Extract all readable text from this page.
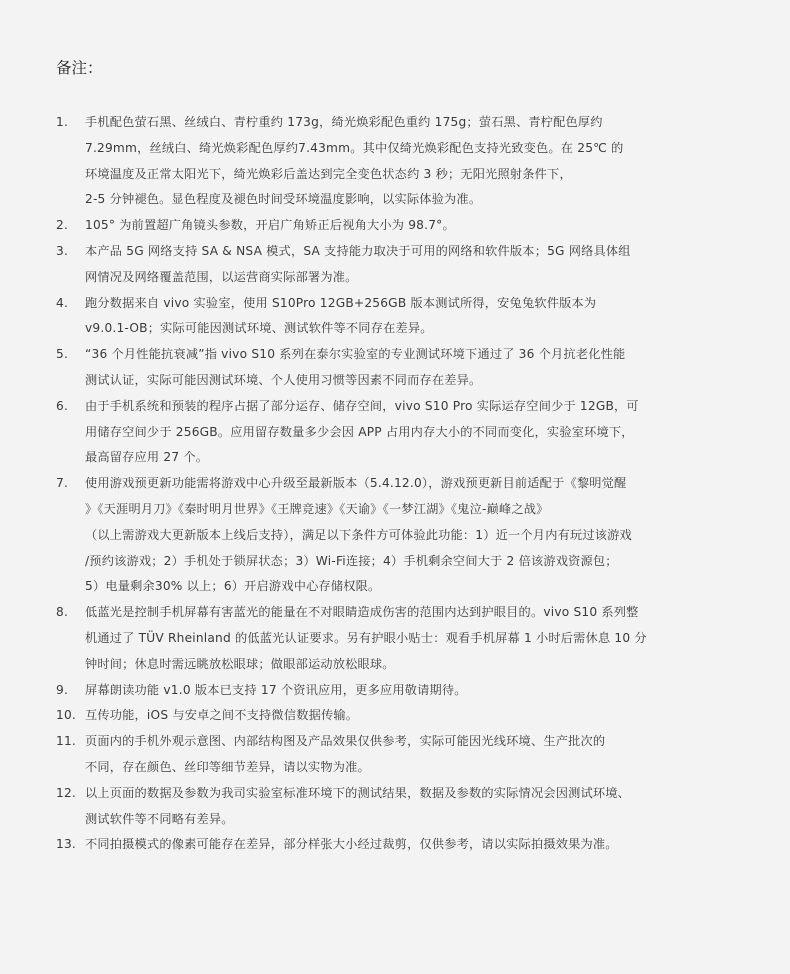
备注：
1.	手机配色萤石黑、丝绒白、青柠重约 173g，绮光焕彩配色重约 175g；萤石黑、青柠配色厚约
7.29mm，丝绒白、绮光焕彩配色厚约7.43mm。其中仅绮光焕彩配色支持光致变色。在 25℃ 的
环境温度及正常太阳光下，绮光焕彩后盖达到完全变色状态约 3 秒；无阳光照射条件下，
2-5 分钟褪色。显色程度及褪色时间受环境温度影响，以实际体验为准。
2.	105° 为前置超广角镜头参数，开启广角矫正后视角大小为 98.7°。
3.	本产品 5G 网络支持 SA & NSA 模式，SA 支持能力取决于可用的网络和软件版本；5G 网络具体组
网情况及网络覆盖范围，以运营商实际部署为准。
4.	跑分数据来自 vivo 实验室，使用 S10Pro 12GB+256GB 版本测试所得，安兔兔软件版本为
v9.0.1-OB；实际可能因测试环境、测试软件等不同存在差异。
5.	“36 个月性能抗衰减”指 vivo S10 系列在泰尔实验室的专业测试环境下通过了 36 个月抗老化性能
测试认证，实际可能因测试环境、个人使用习惯等因素不同而存在差异。
6.	由于手机系统和预装的程序占据了部分运存、储存空间，vivo S10 Pro 实际运存空间少于 12GB，可
用储存空间少于 256GB。应用留存数量多少会因 APP 占用内存大小的不同而变化，实验室环境下，
最高留存应用 27 个。
7.	使用游戏预更新功能需将游戏中心升级至最新版本（5.4.12.0），游戏预更新目前适配于《黎明觉醒
》《天涯明月刀》《秦时明月世界》《王牌竞速》《天谕》《一梦江湖》《鬼泣-巅峰之战》
（以上需游戏大更新版本上线后支持），满足以下条件方可体验此功能：1）近一个月内有玩过该游戏
/预约该游戏；2）手机处于锁屏状态；3）Wi-Fi连接；4）手机剩余空间大于 2 倍该游戏资源包；
5）电量剩余30% 以上；6）开启游戏中心存储权限。
8.	低蓝光是控制手机屏幕有害蓝光的能量在不对眼睛造成伤害的范围内达到护眼目的。vivo S10 系列整
机通过了 TÜV Rheinland 的低蓝光认证要求。另有护眼小贴士：观看手机屏幕 1 小时后需休息 10 分
钟时间；休息时需远眺放松眼球；做眼部运动放松眼球。
9.	屏幕朗读功能 v1.0 版本已支持 17 个资讯应用，更多应用敬请期待。
10. 互传功能，iOS 与安卓之间不支持微信数据传输。
11. 页面内的手机外观示意图、内部结构图及产品效果仅供参考，实际可能因光线环境、生产批次的
不同，存在颜色、丝印等细节差异，请以实物为准。
12. 以上页面的数据及参数为我司实验室标准环境下的测试结果，数据及参数的实际情况会因测试环境、
测试软件等不同略有差异。
13. 不同拍摄模式的像素可能存在差异，部分样张大小经过裁剪，仅供参考，请以实际拍摄效果为准。
